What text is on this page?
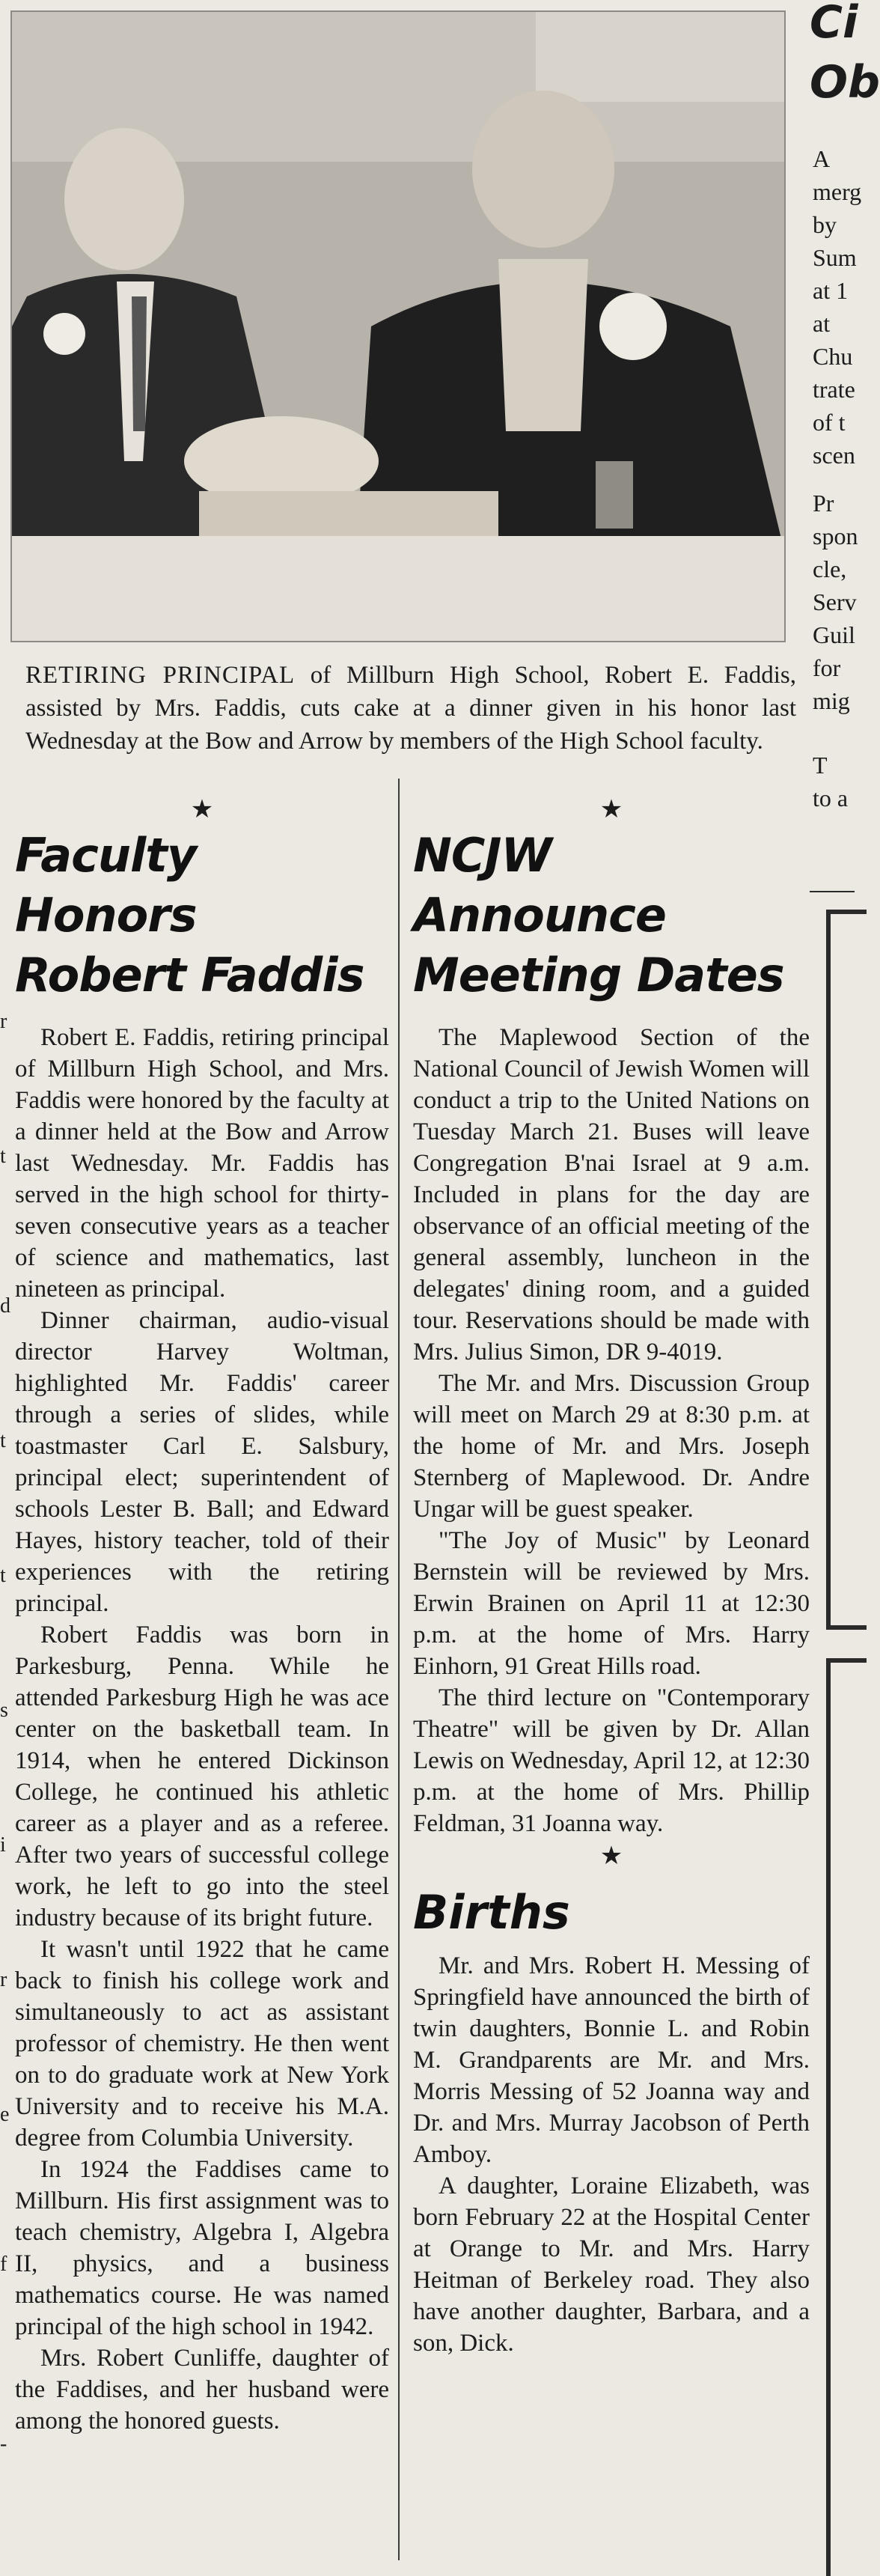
RETIRING PRINCIPAL of Millburn High School, Robert E. Faddis, assisted by Mrs. Faddis, cuts cake at a dinner given in his honor last Wednesday at the Bow and Arrow by members of the High School faculty.
★
Faculty Honors
Robert Faddis

Robert E. Faddis, retiring principal of Millburn High School, and Mrs. Faddis were honored by the faculty at a dinner held at the Bow and Arrow last Wednesday. Mr. Faddis has served in the high school for thirty-seven consecutive years as a teacher of science and mathematics, last nineteen as principal.

Dinner chairman, audio-visual director Harvey Woltman, highlighted Mr. Faddis' career through a series of slides, while toastmaster Carl E. Salsbury, principal elect; superintendent of schools Lester B. Ball; and Edward Hayes, history teacher, told of their experiences with the retiring principal.

Robert Faddis was born in Parkesburg, Penna. While he attended Parkesburg High he was ace center on the basketball team. In 1914, when he entered Dickinson College, he continued his athletic career as a player and as a referee. After two years of successful college work, he left to go into the steel industry because of its bright future.

It wasn't until 1922 that he came back to finish his college work and simultaneously to act as assistant professor of chemistry. He then went on to do graduate work at New York University and to receive his M.A. degree from Columbia University.

In 1924 the Faddises came to Millburn. His first assignment was to teach chemistry, Algebra I, Algebra II, physics, and a business mathematics course. He was named principal of the high school in 1942.

Mrs. Robert Cunliffe, daughter of the Faddises, and her husband were among the honored guests.

★
NCJW Announce
Meeting Dates

The Maplewood Section of the National Council of Jewish Women will conduct a trip to the United Nations on Tuesday March 21. Buses will leave Congregation B'nai Israel at 9 a.m. Included in plans for the day are observance of an official meeting of the general assembly, luncheon in the delegates' dining room, and a guided tour. Reservations should be made with Mrs. Julius Simon, DR 9-4019.

The Mr. and Mrs. Discussion Group will meet on March 29 at 8:30 p.m. at the home of Mr. and Mrs. Joseph Sternberg of Maplewood. Dr. Andre Ungar will be guest speaker.

"The Joy of Music" by Leonard Bernstein will be reviewed by Mrs. Erwin Brainen on April 11 at 12:30 p.m. at the home of Mrs. Harry Einhorn, 91 Great Hills road.

The third lecture on "Contemporary Theatre" will be given by Dr. Allan Lewis on Wednesday, April 12, at 12:30 p.m. at the home of Mrs. Phillip Feldman, 31 Joanna way.

★
Births

Mr. and Mrs. Robert H. Messing of Springfield have announced the birth of twin daughters, Bonnie L. and Robin M. Grandparents are Mr. and Mrs. Morris Messing of 52 Joanna way and Dr. and Mrs. Murray Jacobson of Perth Amboy.

A daughter, Loraine Elizabeth, was born February 22 at the Hospital Center at Orange to Mr. and Mrs. Harry Heitman of Berkeley road. They also have another daughter, Barbara, and a son, Dick.

r
t
d
t
t
s
i
r
e
f
-
Ci
Ob
A
merg
by
Sum
at 1
at
Chu
trate
of t
scen
Pr
spon
cle,
Serv
Guil
for
mig
T
to a
